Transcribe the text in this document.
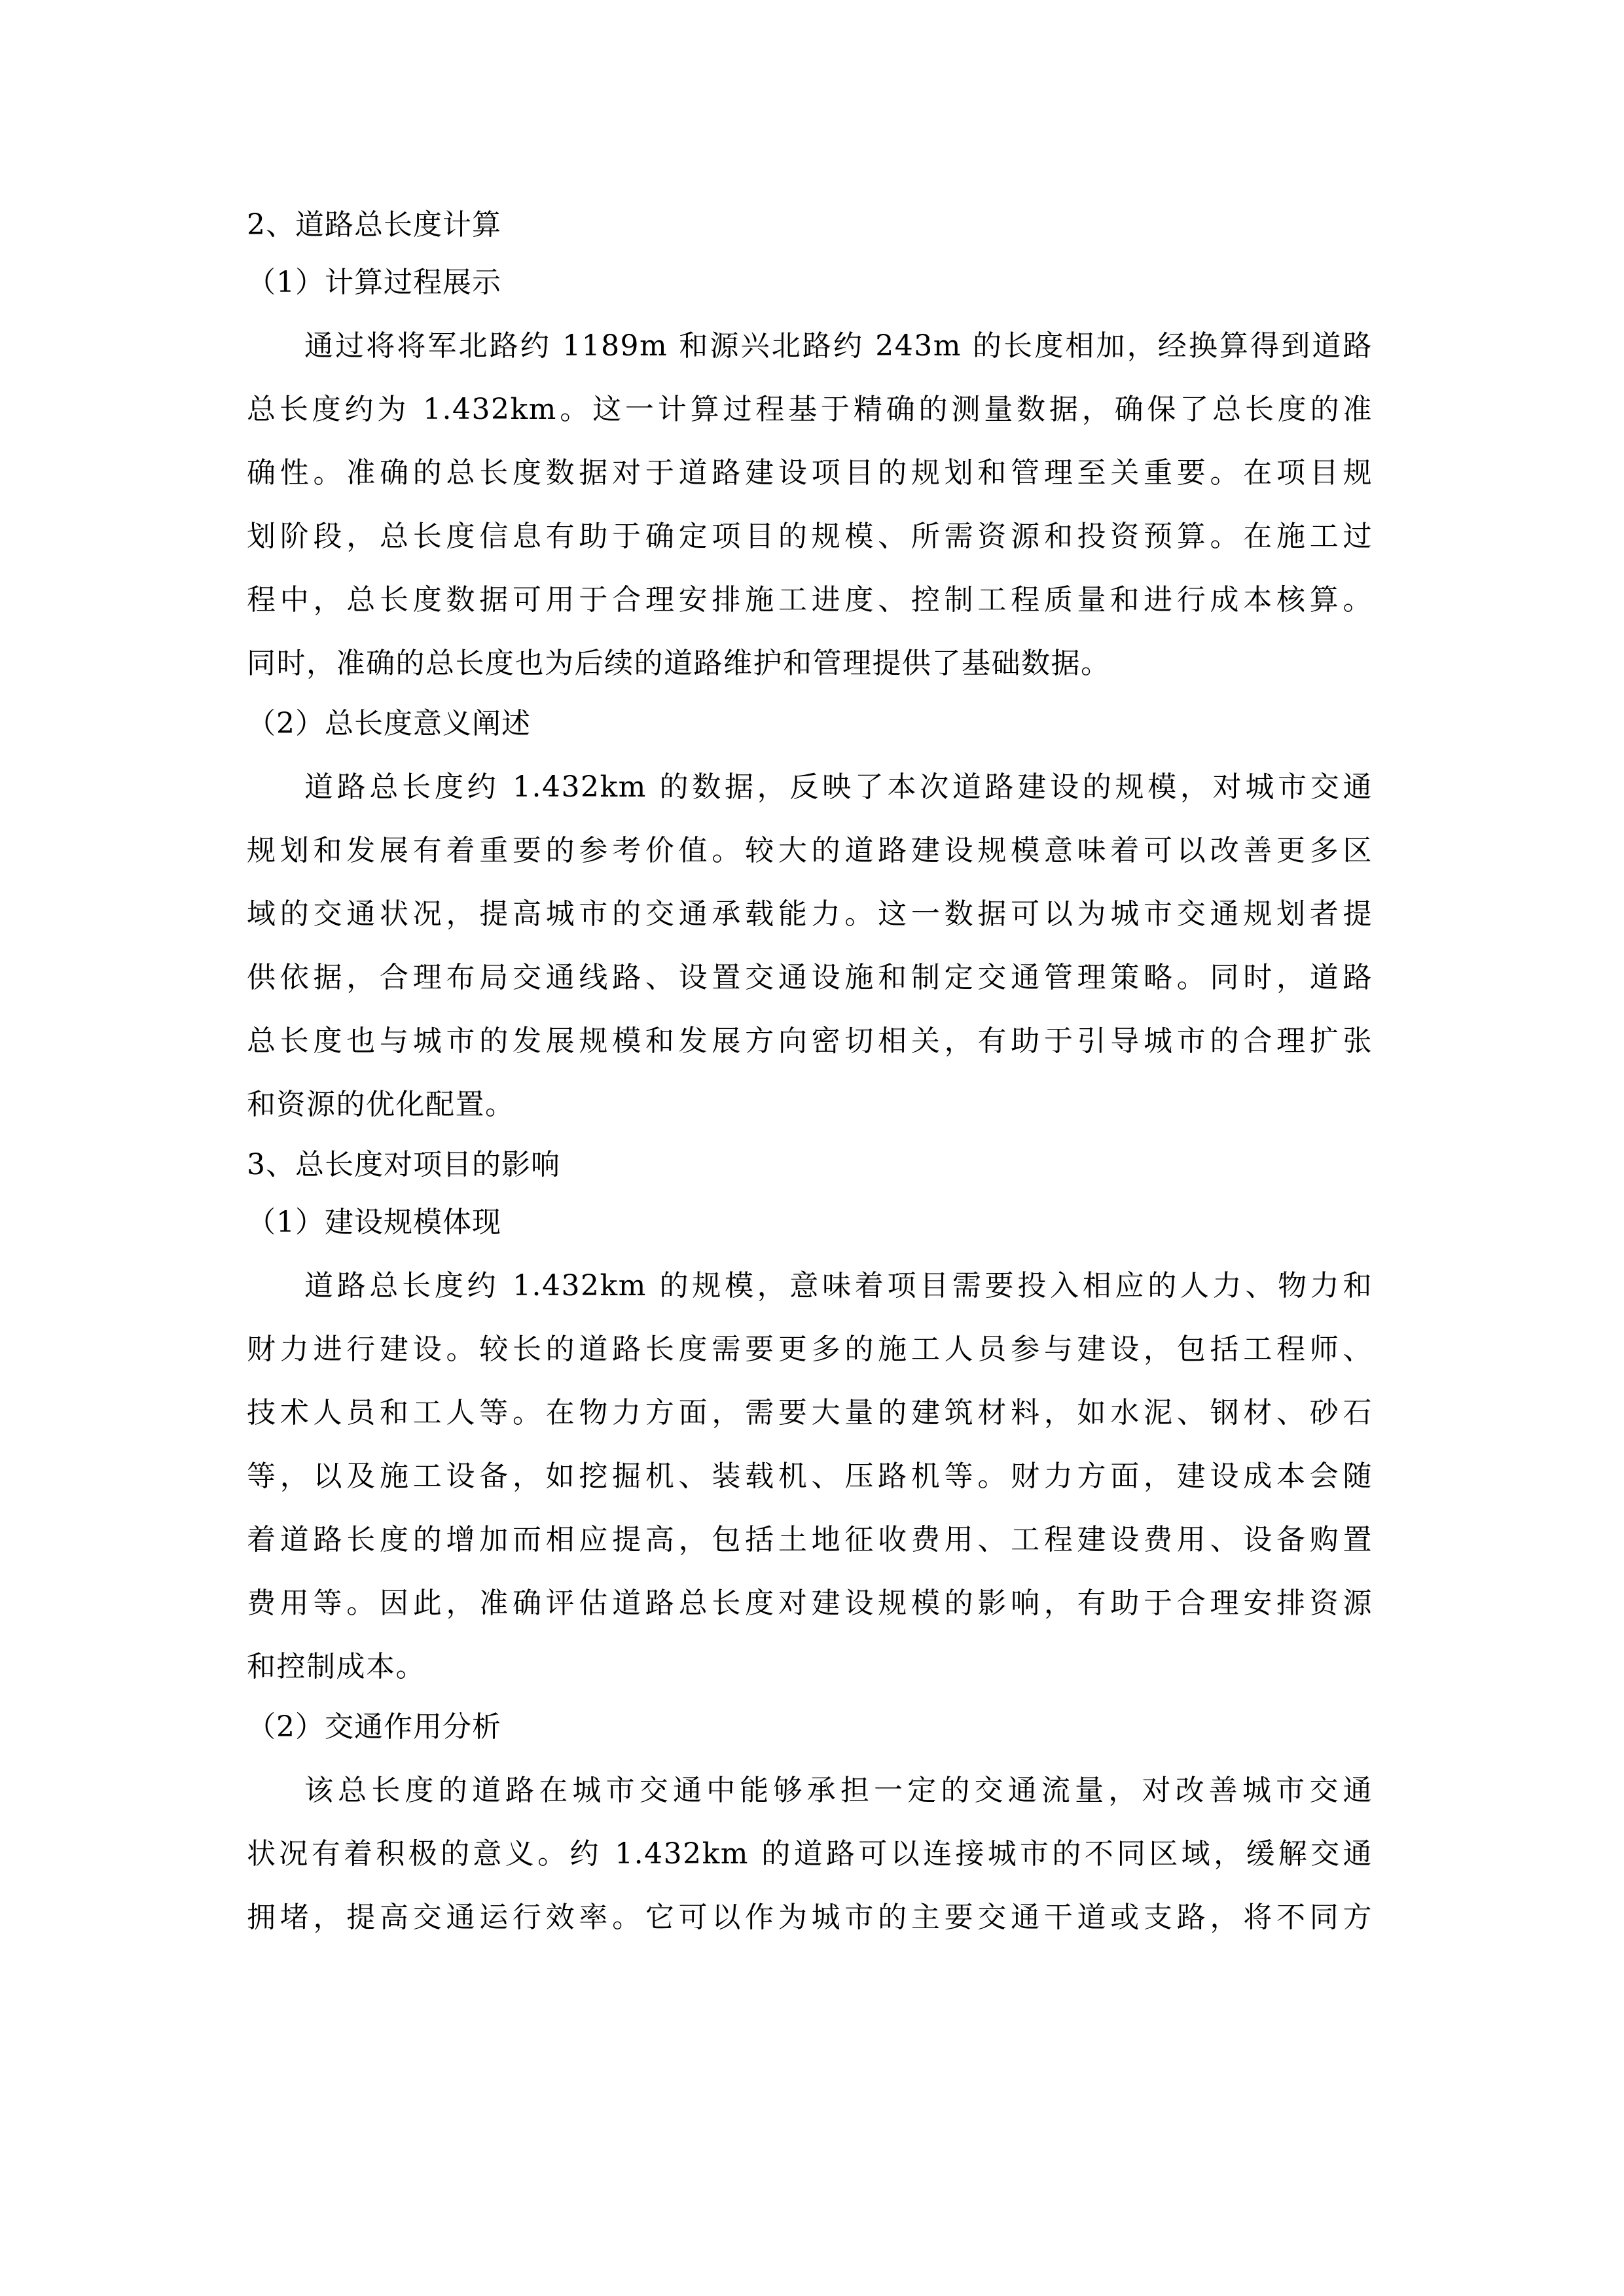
2、道路总长度计算
（1）计算过程展示
通过将将军北路约 1189m 和源兴北路约 243m 的长度相加，经换算得到道路
总长度约为 1.432km。这一计算过程基于精确的测量数据，确保了总长度的准
确性。准确的总长度数据对于道路建设项目的规划和管理至关重要。在项目规
划阶段，总长度信息有助于确定项目的规模、所需资源和投资预算。在施工过
程中，总长度数据可用于合理安排施工进度、控制工程质量和进行成本核算。
同时，准确的总长度也为后续的道路维护和管理提供了基础数据。
（2）总长度意义阐述
道路总长度约 1.432km 的数据，反映了本次道路建设的规模，对城市交通
规划和发展有着重要的参考价值。较大的道路建设规模意味着可以改善更多区
域的交通状况，提高城市的交通承载能力。这一数据可以为城市交通规划者提
供依据，合理布局交通线路、设置交通设施和制定交通管理策略。同时，道路
总长度也与城市的发展规模和发展方向密切相关，有助于引导城市的合理扩张
和资源的优化配置。
3、总长度对项目的影响
（1）建设规模体现
道路总长度约 1.432km 的规模，意味着项目需要投入相应的人力、物力和
财力进行建设。较长的道路长度需要更多的施工人员参与建设，包括工程师、
技术人员和工人等。在物力方面，需要大量的建筑材料，如水泥、钢材、砂石
等，以及施工设备，如挖掘机、装载机、压路机等。财力方面，建设成本会随
着道路长度的增加而相应提高，包括土地征收费用、工程建设费用、设备购置
费用等。因此，准确评估道路总长度对建设规模的影响，有助于合理安排资源
和控制成本。
（2）交通作用分析
该总长度的道路在城市交通中能够承担一定的交通流量，对改善城市交通
状况有着积极的意义。约 1.432km 的道路可以连接城市的不同区域，缓解交通
拥堵，提高交通运行效率。它可以作为城市的主要交通干道或支路，将不同方
